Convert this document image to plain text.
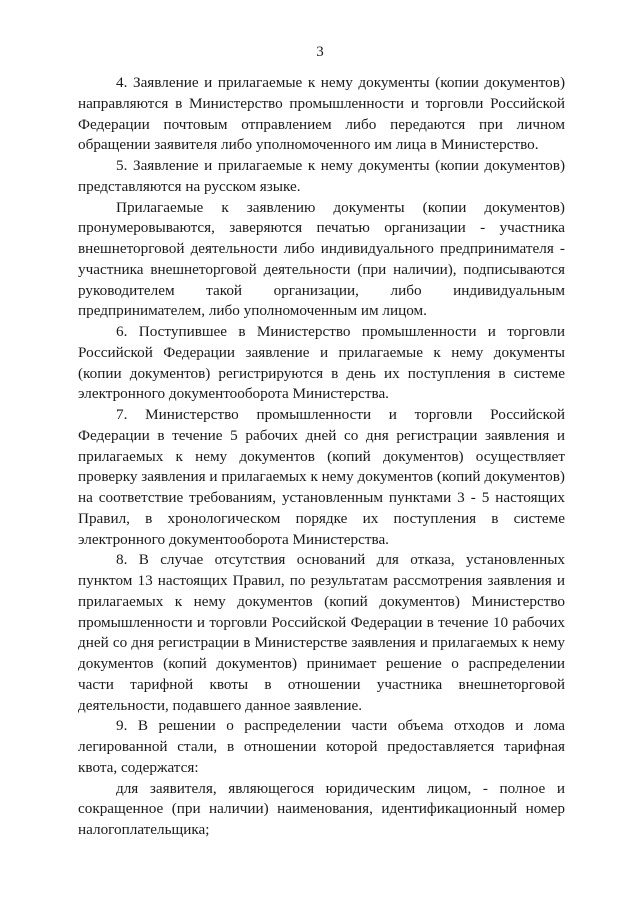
3

4. Заявление и прилагаемые к нему документы (копии документов) направляются в Министерство промышленности и торговли Российской Федерации почтовым отправлением либо передаются при личном обращении заявителя либо уполномоченного им лица в Министерство.

5. Заявление и прилагаемые к нему документы (копии документов) представляются на русском языке.

Прилагаемые к заявлению документы (копии документов) пронумеровываются, заверяются печатью организации - участника внешнеторговой деятельности либо индивидуального предпринимателя - участника внешнеторговой деятельности (при наличии), подписываются руководителем такой организации, либо индивидуальным предпринимателем, либо уполномоченным им лицом.

6. Поступившее в Министерство промышленности и торговли Российской Федерации заявление и прилагаемые к нему документы (копии документов) регистрируются в день их поступления в системе электронного документооборота Министерства.

7. Министерство промышленности и торговли Российской Федерации в течение 5 рабочих дней со дня регистрации заявления и прилагаемых к нему документов (копий документов) осуществляет проверку заявления и прилагаемых к нему документов (копий документов) на соответствие требованиям, установленным пунктами 3 - 5 настоящих Правил, в хронологическом порядке их поступления в системе электронного документооборота Министерства.

8. В случае отсутствия оснований для отказа, установленных пунктом 13 настоящих Правил, по результатам рассмотрения заявления и прилагаемых к нему документов (копий документов) Министерство промышленности и торговли Российской Федерации в течение 10 рабочих дней со дня регистрации в Министерстве заявления и прилагаемых к нему документов (копий документов) принимает решение о распределении части тарифной квоты в отношении участника внешнеторговой деятельности, подавшего данное заявление.

9. В решении о распределении части объема отходов и лома легированной стали, в отношении которой предоставляется тарифная квота, содержатся:

для заявителя, являющегося юридическим лицом, - полное и сокращенное (при наличии) наименования, идентификационный номер налогоплательщика;
